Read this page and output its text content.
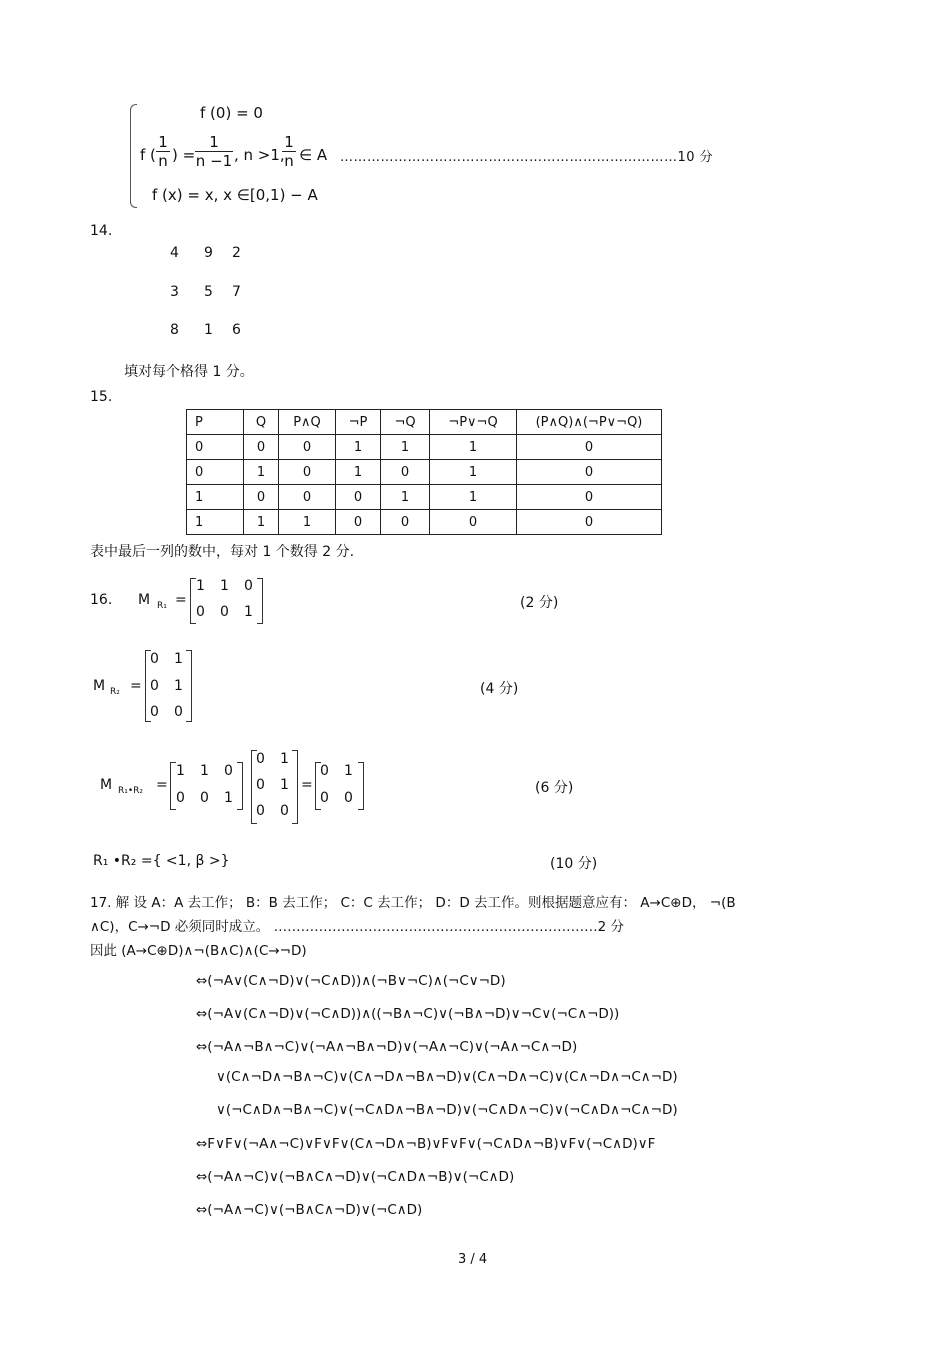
f (0) = 0
f (
1
n ) =
1
n −1 , n >1,
1
n ∈ A …………………………………………………………………10 分
f (x) = x, x ∈[0,1) − A
14.
4 9 2
3 5 7
8 1 6
填对每个格得 1 分。
15.
P	Q	P∧Q	¬P	¬Q	¬P∨¬Q	(P∧Q)∧(¬P∨¬Q)
0	0	0	1	1	1	0
0	1	0	1	0	1	0
1	0	0	0	1	1	0
1	1	1	0	0	0	0
表中最后一列的数中，每对 1 个数得 2 分.
16. M R₁ =
1 1 0
0 0 1
(2 分)
M R₂ =
0 1
0 1
0 0
(4 分)
M R₁•R₂ =
1 1 0
0 0 1
0 1
0 1
0 0
=
0 1
0 0
(6 分)
R₁ •R₂ ={ <1, β >}	(10 分)
17. 解 设 A：A 去工作； B：B 去工作； C：C 去工作； D：D 去工作。则根据题意应有： A→C⊕D， ¬(B
∧C)，C→¬D 必须同时成立。 ………………………………………………………………2 分
因此 (A→C⊕D)∧¬(B∧C)∧(C→¬D)
⇔(¬A∨(C∧¬D)∨(¬C∧D))∧(¬B∨¬C)∧(¬C∨¬D)
⇔(¬A∨(C∧¬D)∨(¬C∧D))∧((¬B∧¬C)∨(¬B∧¬D)∨¬C∨(¬C∧¬D))
⇔(¬A∧¬B∧¬C)∨(¬A∧¬B∧¬D)∨(¬A∧¬C)∨(¬A∧¬C∧¬D)
∨(C∧¬D∧¬B∧¬C)∨(C∧¬D∧¬B∧¬D)∨(C∧¬D∧¬C)∨(C∧¬D∧¬C∧¬D)
∨(¬C∧D∧¬B∧¬C)∨(¬C∧D∧¬B∧¬D)∨(¬C∧D∧¬C)∨(¬C∧D∧¬C∧¬D)
⇔F∨F∨(¬A∧¬C)∨F∨F∨(C∧¬D∧¬B)∨F∨F∨(¬C∧D∧¬B)∨F∨(¬C∧D)∨F
⇔(¬A∧¬C)∨(¬B∧C∧¬D)∨(¬C∧D∧¬B)∨(¬C∧D)
⇔(¬A∧¬C)∨(¬B∧C∧¬D)∨(¬C∧D)
3 / 4
